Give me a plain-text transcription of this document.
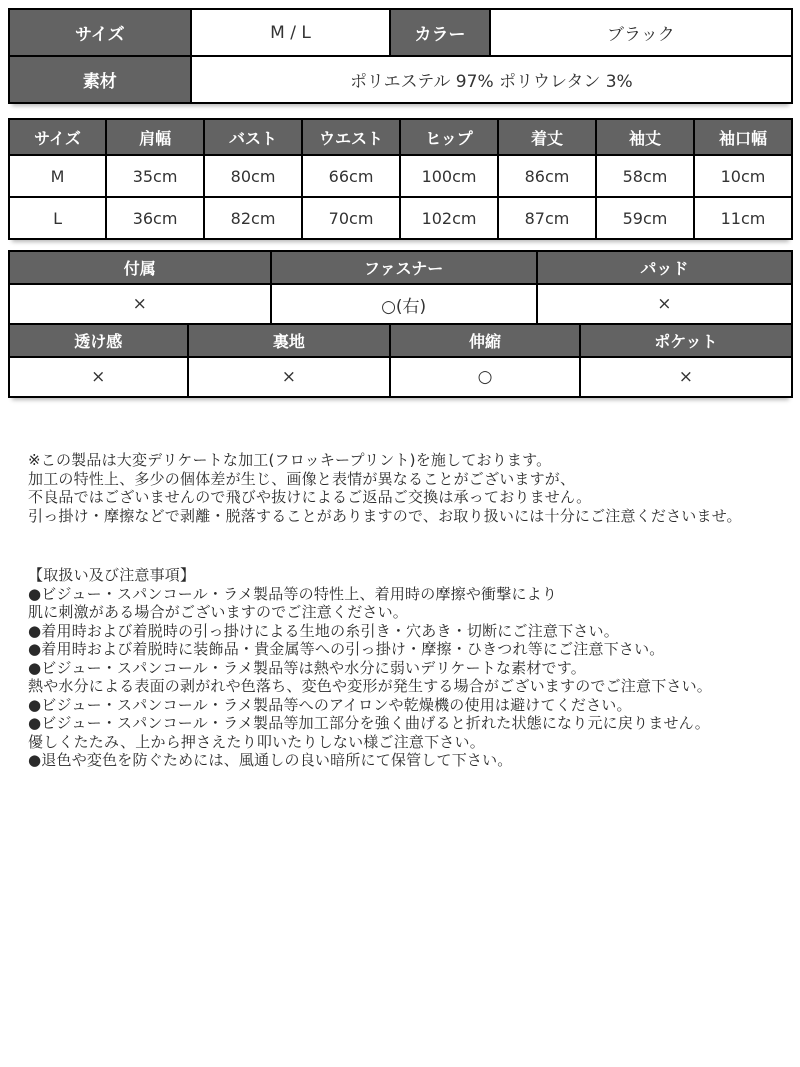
サイズ	M / L	カラー	ブラック
素材	ポリエステル 97% ポリウレタン 3%		
サイズ	肩幅	バスト	ウエスト	ヒップ	着丈	袖丈	袖口幅
M	35cm	80cm	66cm	100cm	86cm	58cm	10cm
L	36cm	82cm	70cm	102cm	87cm	59cm	11cm
付属	ファスナー	パッド
×	○(右)	×
透け感	裏地	伸縮	ポケット
×	×	○	×
※この製品は大変デリケートな加工(フロッキープリント)を施しております。
加工の特性上、多少の個体差が生じ、画像と表情が異なることがございますが、
不良品ではございませんので飛びや抜けによるご返品ご交換は承っておりません。
引っ掛け・摩擦などで剥離・脱落することがありますので、お取り扱いには十分にご注意くださいませ。
【取扱い及び注意事項】
●ビジュー・スパンコール・ラメ製品等の特性上、着用時の摩擦や衝撃により
肌に刺激がある場合がございますのでご注意ください。
●着用時および着脱時の引っ掛けによる生地の糸引き・穴あき・切断にご注意下さい。
●着用時および着脱時に装飾品・貴金属等への引っ掛け・摩擦・ひきつれ等にご注意下さい。
●ビジュー・スパンコール・ラメ製品等は熱や水分に弱いデリケートな素材です。
熱や水分による表面の剥がれや色落ち、変色や変形が発生する場合がございますのでご注意下さい。
●ビジュー・スパンコール・ラメ製品等へのアイロンや乾燥機の使用は避けてください。
●ビジュー・スパンコール・ラメ製品等加工部分を強く曲げると折れた状態になり元に戻りません。
優しくたたみ、上から押さえたり叩いたりしない様ご注意下さい。
●退色や変色を防ぐためには、風通しの良い暗所にて保管して下さい。
